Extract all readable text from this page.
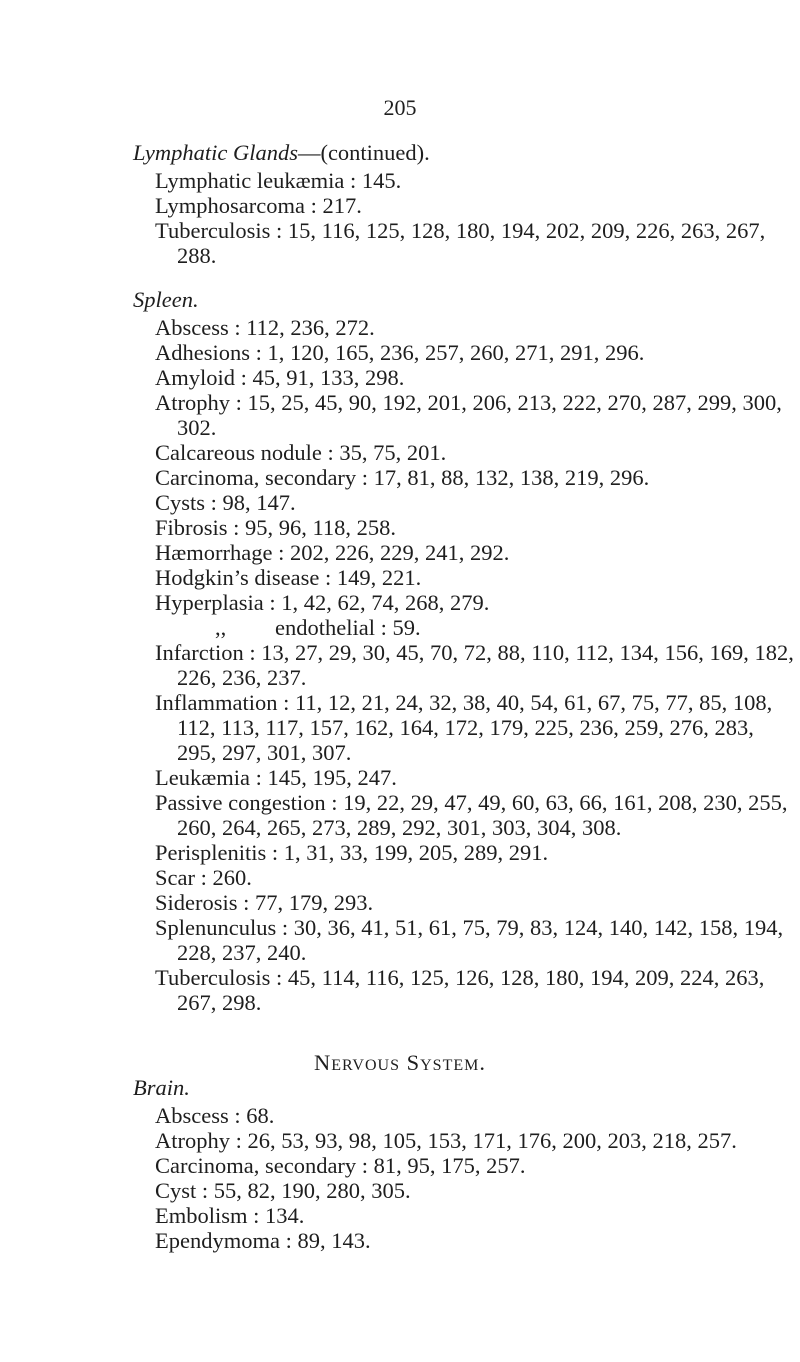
205
Lymphatic Glands—(continued).
Lymphatic leukæmia : 145.
Lymphosarcoma : 217.
Tuberculosis : 15, 116, 125, 128, 180, 194, 202, 209, 226, 263, 267, 288.
Spleen.
Abscess : 112, 236, 272.
Adhesions : 1, 120, 165, 236, 257, 260, 271, 291, 296.
Amyloid : 45, 91, 133, 298.
Atrophy : 15, 25, 45, 90, 192, 201, 206, 213, 222, 270, 287, 299, 300, 302.
Calcareous nodule : 35, 75, 201.
Carcinoma, secondary : 17, 81, 88, 132, 138, 219, 296.
Cysts : 98, 147.
Fibrosis : 95, 96, 118, 258.
Hæmorrhage : 202, 226, 229, 241, 292.
Hodgkin’s disease : 149, 221.
Hyperplasia : 1, 42, 62, 74, 268, 279.
,, endothelial : 59.
Infarction : 13, 27, 29, 30, 45, 70, 72, 88, 110, 112, 134, 156, 169, 182, 226, 236, 237.
Inflammation : 11, 12, 21, 24, 32, 38, 40, 54, 61, 67, 75, 77, 85, 108, 112, 113, 117, 157, 162, 164, 172, 179, 225, 236, 259, 276, 283, 295, 297, 301, 307.
Leukæmia : 145, 195, 247.
Passive congestion : 19, 22, 29, 47, 49, 60, 63, 66, 161, 208, 230, 255, 260, 264, 265, 273, 289, 292, 301, 303, 304, 308.
Perisplenitis : 1, 31, 33, 199, 205, 289, 291.
Scar : 260.
Siderosis : 77, 179, 293.
Splenunculus : 30, 36, 41, 51, 61, 75, 79, 83, 124, 140, 142, 158, 194, 228, 237, 240.
Tuberculosis : 45, 114, 116, 125, 126, 128, 180, 194, 209, 224, 263, 267, 298.
Nervous System.
Brain.
Abscess : 68.
Atrophy : 26, 53, 93, 98, 105, 153, 171, 176, 200, 203, 218, 257.
Carcinoma, secondary : 81, 95, 175, 257.
Cyst : 55, 82, 190, 280, 305.
Embolism : 134.
Ependymoma : 89, 143.
